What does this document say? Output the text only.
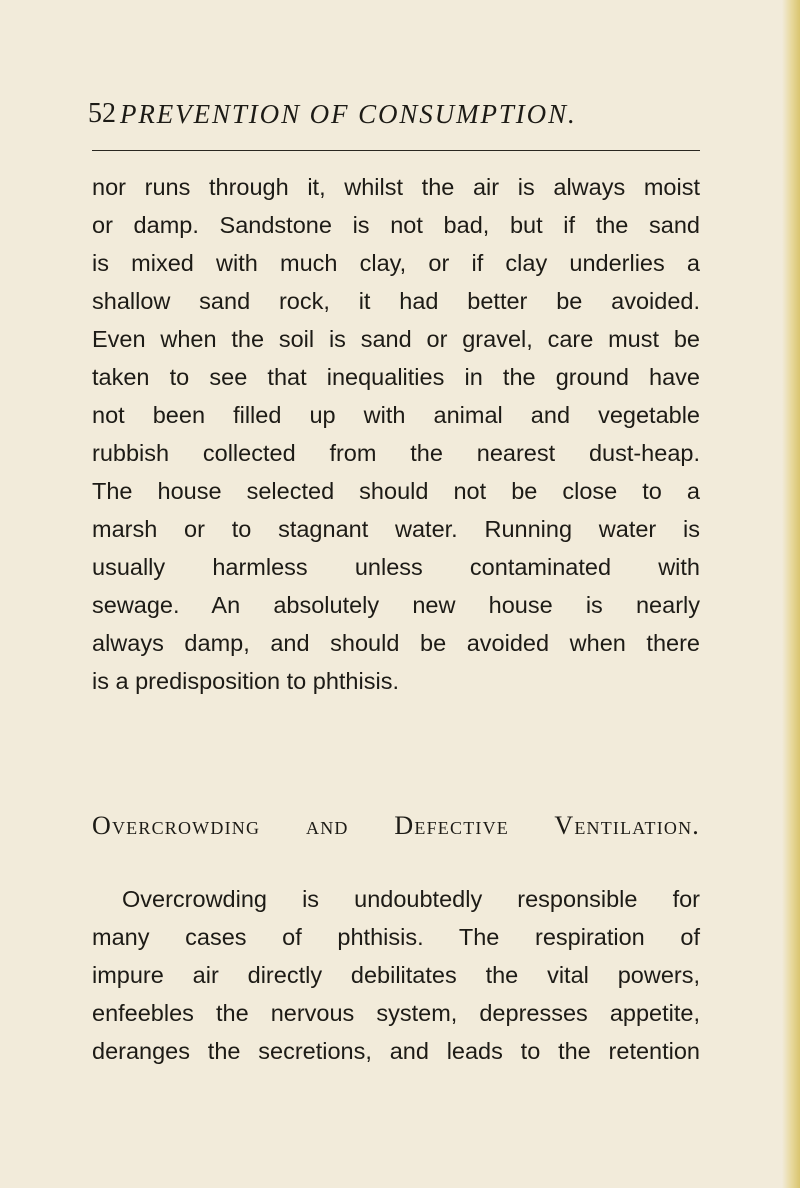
52 PREVENTION OF CONSUMPTION.
nor runs through it, whilst the air is always moist
or damp. Sandstone is not bad, but if the sand
is mixed with much clay, or if clay underlies a
shallow sand rock, it had better be avoided.
Even when the soil is sand or gravel, care must be
taken to see that inequalities in the ground have
not been filled up with animal and vegetable
rubbish collected from the nearest dust-heap.
The house selected should not be close to a
marsh or to stagnant water. Running water is
usually harmless unless contaminated with
sewage. An absolutely new house is nearly
always damp, and should be avoided when there
is a predisposition to phthisis.
Overcrowding and Defective Ventilation.
Overcrowding is undoubtedly responsible for
many cases of phthisis. The respiration of
impure air directly debilitates the vital powers,
enfeebles the nervous system, depresses appetite,
deranges the secretions, and leads to the retention
